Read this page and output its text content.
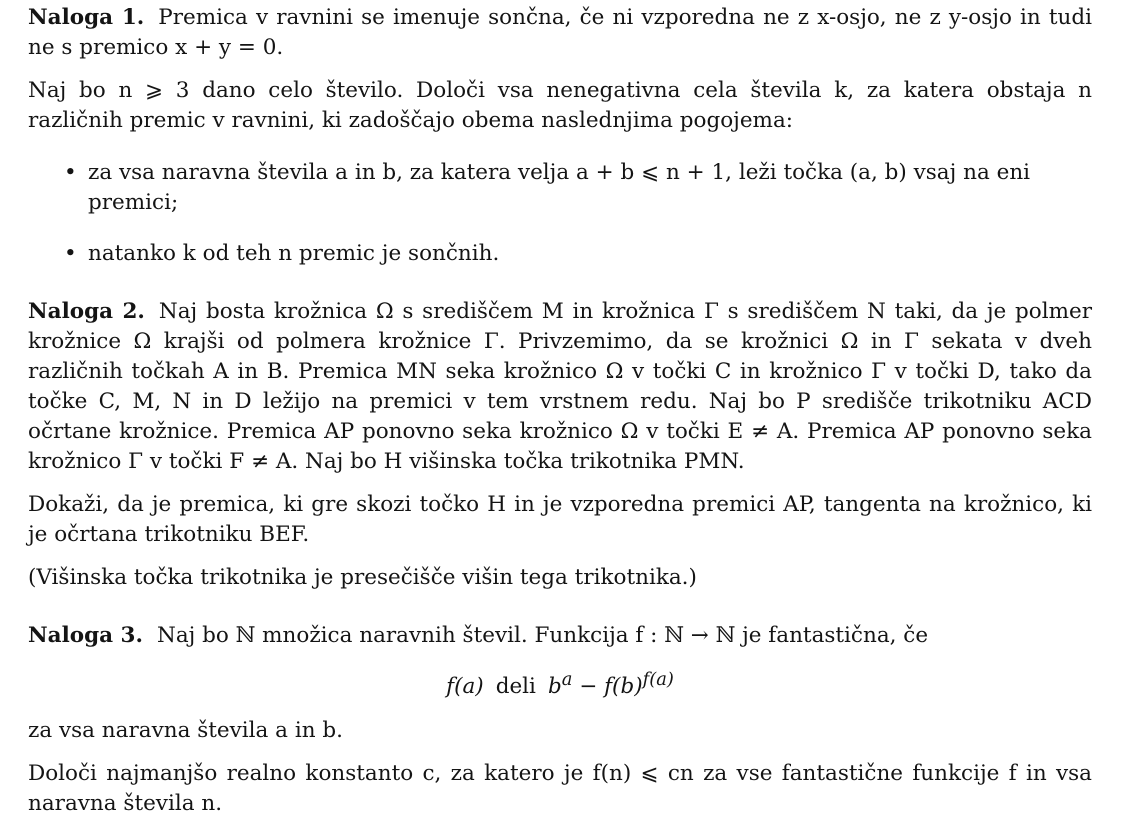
Naloga 1. Premica v ravnini se imenuje sončna, če ni vzporedna ne z x-osjo, ne z y-osjo in tudi ne s premico x + y = 0.

Naj bo n ⩾ 3 dano celo število. Določi vsa nenegativna cela števila k, za katera obstaja n različnih premic v ravnini, ki zadoščajo obema naslednjima pogojema:

• za vsa naravna števila a in b, za katera velja a + b ⩽ n + 1, leži točka (a, b) vsaj na eni premici;
• natanko k od teh n premic je sončnih.

Naloga 2. Naj bosta krožnica Ω s središčem M in krožnica Γ s središčem N taki, da je polmer krožnice Ω krajši od polmera krožnice Γ. Privzemimo, da se krožnici Ω in Γ sekata v dveh različnih točkah A in B. Premica MN seka krožnico Ω v točki C in krožnico Γ v točki D, tako da točke C, M, N in D ležijo na premici v tem vrstnem redu. Naj bo P središče trikotniku ACD očrtane krožnice. Premica AP ponovno seka krožnico Ω v točki E ≠ A. Premica AP ponovno seka krožnico Γ v točki F ≠ A. Naj bo H višinska točka trikotnika PMN.

Dokaži, da je premica, ki gre skozi točko H in je vzporedna premici AP, tangenta na krožnico, ki je očrtana trikotniku BEF.

(Višinska točka trikotnika je presečišče višin tega trikotnika.)

Naloga 3. Naj bo ℕ množica naravnih števil. Funkcija f : ℕ → ℕ je fantastična, če

f(a) deli $b^a - f(b)^{f(a)}$

za vsa naravna števila a in b.

Določi najmanjšo realno konstanto c, za katero je f(n) ⩽ cn za vse fantastične funkcije f in vsa naravna števila n.
